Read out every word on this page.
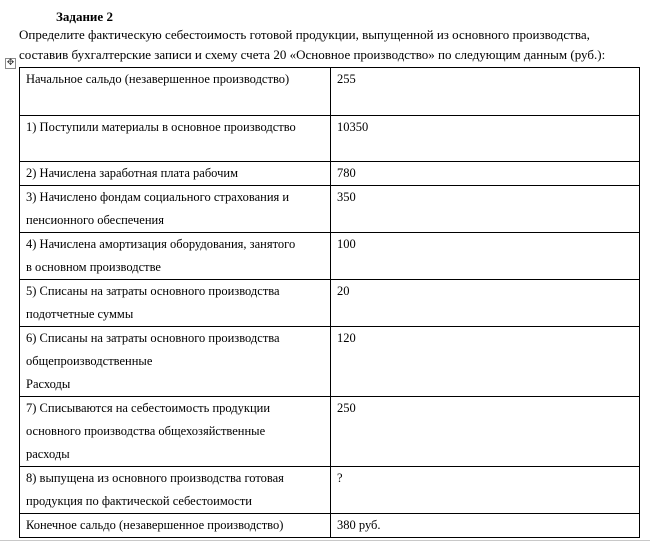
Задание 2
Определите фактическую себестоимость готовой продукции, выпущенной из основного производства,
составив бухгалтерские записи и схему счета 20 «Основное производство» по следующим данным (руб.):
✥
Начальное сальдо (незавершенное производство)	255

1) Поступили материалы в основное производство	10350

2) Начислена заработная плата рабочим	780

3) Начислено фондам социального страхования и
пенсионного обеспечения	350

4) Начислена амортизация оборудования, занятого
в основном производстве	100

5) Списаны на затраты основного производства
подотчетные суммы	20

6) Списаны на затраты основного производства
общепроизводственные
Расходы	120

7) Списываются на себестоимость продукции
основного производства общехозяйственные
расходы	250

8) выпущена из основного производства готовая
продукция по фактической себестоимости	?

Конечное сальдо (незавершенное производство)	380 руб.
